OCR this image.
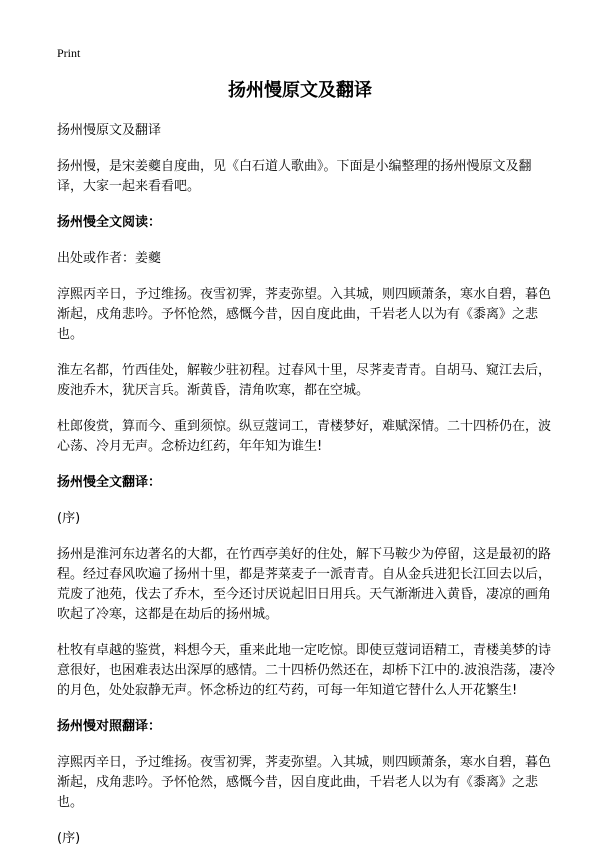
Print
扬州慢原文及翻译

扬州慢原文及翻译

扬州慢，是宋姜夔自度曲，见《白石道人歌曲》。下面是小编整理的扬州慢原文及翻译，大家一起来看看吧。

扬州慢全文阅读：

出处或作者：姜夔

淳熙丙辛日，予过维扬。夜雪初霁，荠麦弥望。入其城，则四顾萧条，寒水自碧，暮色渐起，戍角悲吟。予怀怆然，感慨今昔，因自度此曲，千岩老人以为有《黍离》之悲也。

淮左名都，竹西佳处，解鞍少驻初程。过春风十里，尽荠麦青青。自胡马、窥江去后，废池乔木，犹厌言兵。渐黄昏，清角吹寒，都在空城。

杜郎俊赏，算而今、重到须惊。纵豆蔻词工，青楼梦好，难赋深情。二十四桥仍在，波心荡、冷月无声。念桥边红药，年年知为谁生!

扬州慢全文翻译：

(序)

扬州是淮河东边著名的大都，在竹西亭美好的住处，解下马鞍少为停留，这是最初的路程。经过春风吹遍了扬州十里，都是荠菜麦子一派青青。自从金兵进犯长江回去以后，荒废了池苑，伐去了乔木，至今还讨厌说起旧日用兵。天气渐渐进入黄昏，凄凉的画角吹起了冷寒，这都是在劫后的扬州城。

杜牧有卓越的鉴赏，料想今天，重来此地一定吃惊。即使豆蔻词语精工，青楼美梦的诗意很好，也困难表达出深厚的感情。二十四桥仍然还在，却桥下江中的.波浪浩荡，凄冷的月色，处处寂静无声。怀念桥边的红芍药，可每一年知道它替什么人开花繁生!

扬州慢对照翻译：

淳熙丙辛日，予过维扬。夜雪初霁，荠麦弥望。入其城，则四顾萧条，寒水自碧，暮色渐起，戍角悲吟。予怀怆然，感慨今昔，因自度此曲，千岩老人以为有《黍离》之悲也。

(序)
